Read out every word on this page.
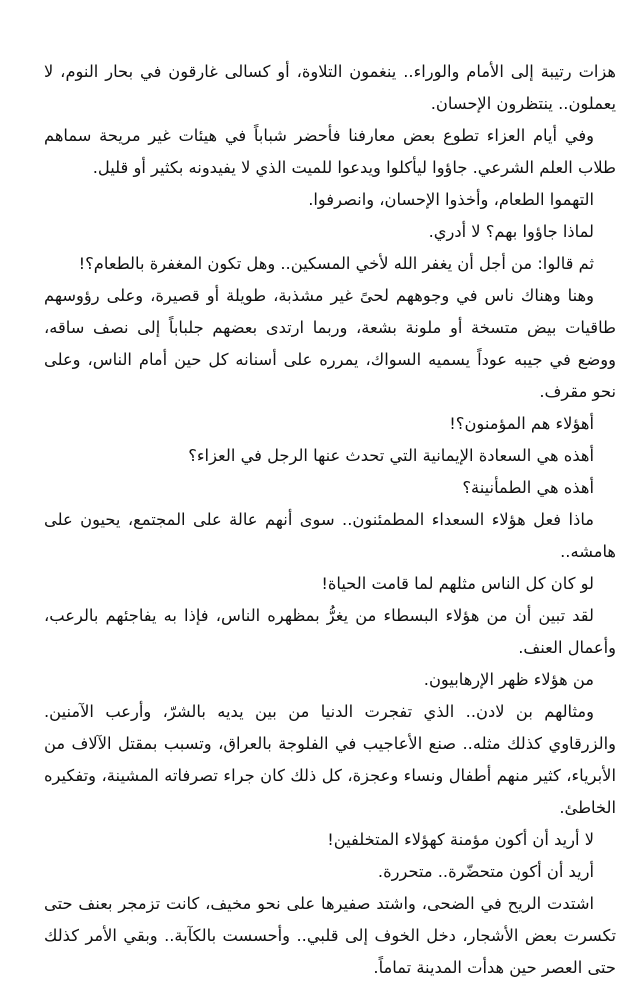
هزات رتيبة إلى الأمام والوراء.. ينغمون التلاوة، أو كسالى غارقون في بحار النوم، لا يعملون.. ينتظرون الإحسان.

وفي أيام العزاء تطوع بعض معارفنا فأحضر شباباً في هيئات غير مريحة سماهم طلاب العلم الشرعي. جاؤوا ليأكلوا ويدعوا للميت الذي لا يفيدونه بكثير أو قليل.

التهموا الطعام، وأخذوا الإحسان، وانصرفوا.

لماذا جاؤوا بهم؟ لا أدري.

ثم قالوا: من أجل أن يغفر الله لأخي المسكين.. وهل تكون المغفرة بالطعام؟!

وهنا وهناك ناس في وجوههم لحىً غير مشذبة، طويلة أو قصيرة، وعلى رؤوسهم طاقيات بيض متسخة أو ملونة بشعة، وربما ارتدى بعضهم جلباباً إلى نصف ساقه، ووضع في جيبه عوداً يسميه السواك، يمرره على أسنانه كل حين أمام الناس، وعلى نحو مقرف.

أهؤلاء هم المؤمنون؟!

أهذه هي السعادة الإيمانية التي تحدث عنها الرجل في العزاء؟

أهذه هي الطمأنينة؟

ماذا فعل هؤلاء السعداء المطمئنون.. سوى أنهم عالة على المجتمع، يحيون على هامشه..

لو كان كل الناس مثلهم لما قامت الحياة!

لقد تبين أن من هؤلاء البسطاء من يغرُّ بمظهره الناس، فإذا به يفاجئهم بالرعب، وأعمال العنف.

من هؤلاء ظهر الإرهابيون.

ومثالهم بن لادن.. الذي تفجرت الدنيا من بين يديه بالشرّ، وأرعب الآمنين. والزرقاوي كذلك مثله.. صنع الأعاجيب في الفلوجة بالعراق، وتسبب بمقتل الآلاف من الأبرياء، كثير منهم أطفال ونساء وعجزة، كل ذلك كان جراء تصرفاته المشينة، وتفكيره الخاطئ.

لا أريد أن أكون مؤمنة كهؤلاء المتخلفين!

أريد أن أكون متحضّرة.. متحررة.

اشتدت الريح في الضحى، واشتد صفيرها على نحو مخيف، كانت تزمجر بعنف حتى تكسرت بعض الأشجار، دخل الخوف إلى قلبي.. وأحسست بالكآبة.. وبقي الأمر كذلك حتى العصر حين هدأت المدينة تماماً.
